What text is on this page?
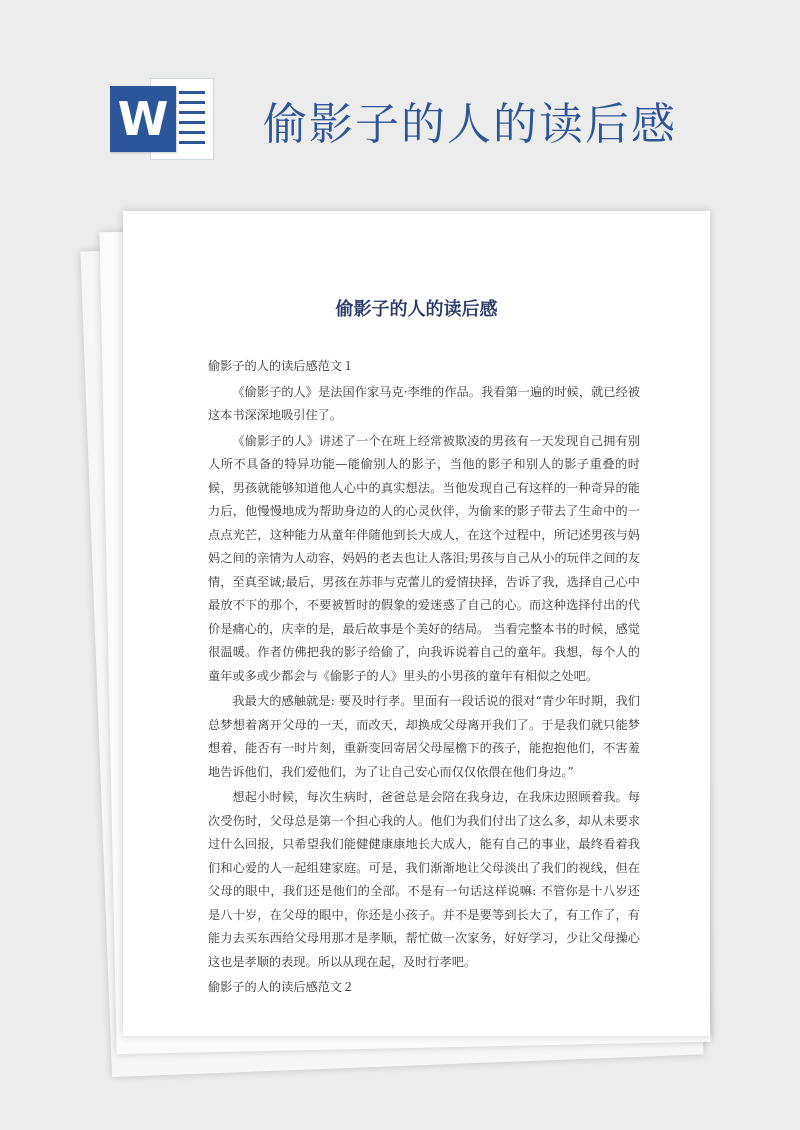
W 偷影子的人的读后感
偷影子的人的读后感

偷影子的人的读后感范文１

《偷影子的人》是法国作家马克·李维的作品。我看第一遍的时候，就已经被这本书深深地吸引住了。

《偷影子的人》讲述了一个在班上经常被欺凌的男孩有一天发现自己拥有别人所不具备的特异功能—能偷别人的影子，当他的影子和别人的影子重叠的时候，男孩就能够知道他人心中的真实想法。当他发现自己有这样的一种奇异的能力后，他慢慢地成为帮助身边的人的心灵伙伴，为偷来的影子带去了生命中的一点点光芒，这种能力从童年伴随他到长大成人，在这个过程中，所记述男孩与妈妈之间的亲情为人动容，妈妈的老去也让人落泪;男孩与自己从小的玩伴之间的友情，至真至诚;最后，男孩在苏菲与克蕾儿的爱情抉择，告诉了我，选择自己心中最放不下的那个，不要被暂时的假象的爱迷惑了自己的心。而这种选择付出的代价是痛心的，庆幸的是，最后故事是个美好的结局。 当看完整本书的时候，感觉很温暖。作者仿佛把我的影子给偷了，向我诉说着自己的童年。我想，每个人的童年或多或少都会与《偷影子的人》里头的小男孩的童年有相似之处吧。

我最大的感触就是: 要及时行孝。里面有一段话说的很对“青少年时期，我们总梦想着离开父母的一天，而改天，却换成父母离开我们了。于是我们就只能梦想着，能否有一时片刻，重新变回寄居父母屋檐下的孩子，能抱抱他们，不害羞地告诉他们，我们爱他们，为了让自己安心而仅仅依偎在他们身边。”

想起小时候，每次生病时，爸爸总是会陪在我身边，在我床边照顾着我。每次受伤时，父母总是第一个担心我的人。他们为我们付出了这么多，却从未要求过什么回报，只希望我们能健健康康地长大成人，能有自己的事业，最终看着我们和心爱的人一起组建家庭。可是，我们渐渐地让父母淡出了我们的视线，但在父母的眼中，我们还是他们的全部。不是有一句话这样说嘛: 不管你是十八岁还是八十岁，在父母的眼中，你还是小孩子。并不是要等到长大了，有工作了，有能力去买东西给父母用那才是孝顺，帮忙做一次家务，好好学习，少让父母操心这也是孝顺的表现。所以从现在起，及时行孝吧。

偷影子的人的读后感范文２
